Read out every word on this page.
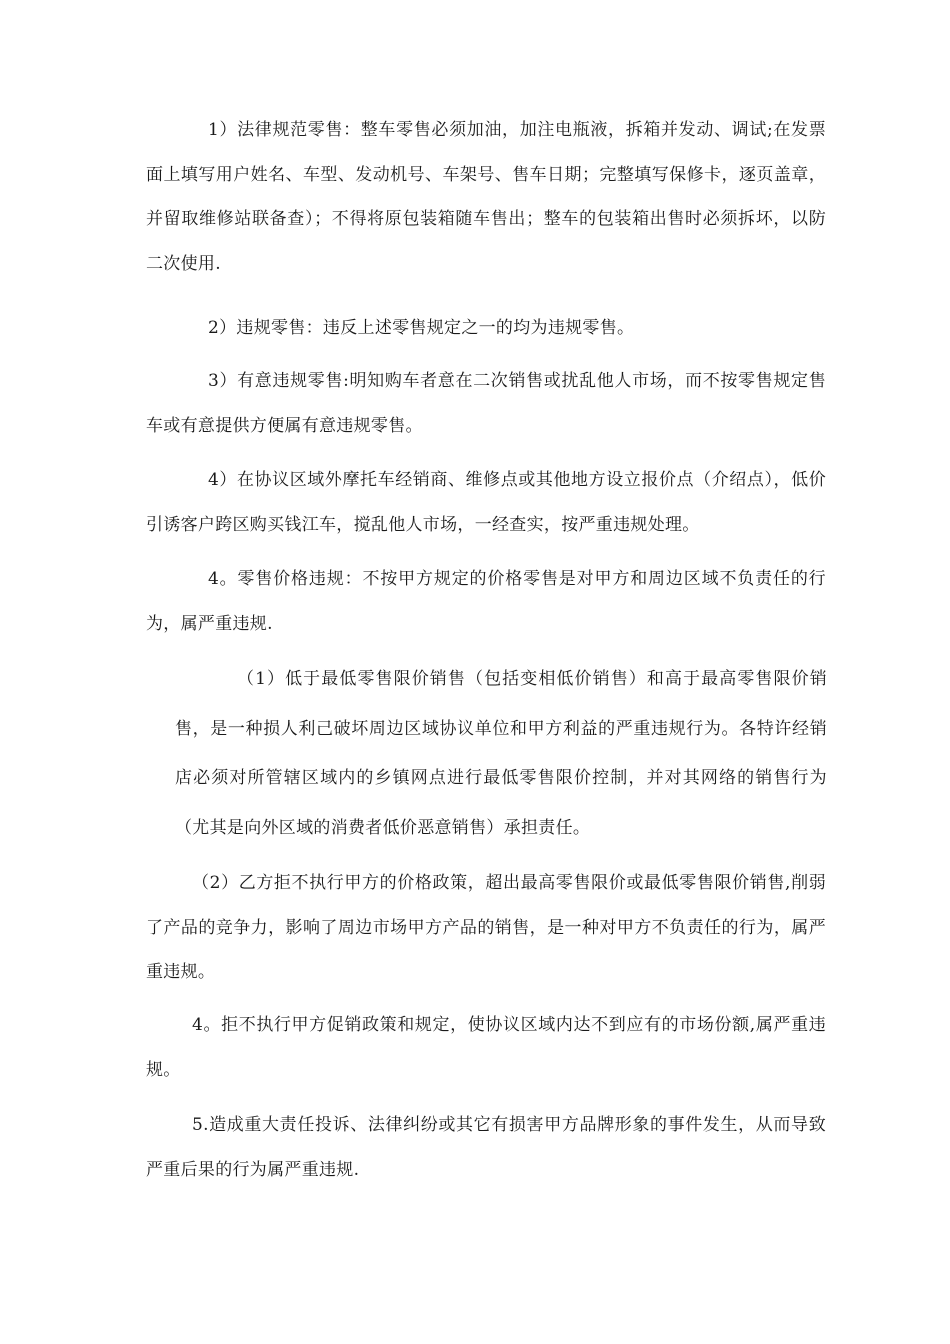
1）法律规范零售：整车零售必须加油，加注电瓶液，拆箱并发动、调试;在发票面上填写用户姓名、车型、发动机号、车架号、售车日期；完整填写保修卡，逐页盖章，并留取维修站联备查）；不得将原包装箱随车售出；整车的包装箱出售时必须拆坏，以防二次使用.

2）违规零售：违反上述零售规定之一的均为违规零售。

3）有意违规零售:明知购车者意在二次销售或扰乱他人市场，而不按零售规定售车或有意提供方便属有意违规零售。

4）在协议区域外摩托车经销商、维修点或其他地方设立报价点（介绍点），低价引诱客户跨区购买钱江车，搅乱他人市场，一经查实，按严重违规处理。

4。零售价格违规：不按甲方规定的价格零售是对甲方和周边区域不负责任的行为，属严重违规.

（1）低于最低零售限价销售（包括变相低价销售）和高于最高零售限价销售，是一种损人利己破坏周边区域协议单位和甲方利益的严重违规行为。各特许经销店必须对所管辖区域内的乡镇网点进行最低零售限价控制，并对其网络的销售行为（尤其是向外区域的消费者低价恶意销售）承担责任。

（2）乙方拒不执行甲方的价格政策，超出最高零售限价或最低零售限价销售,削弱了产品的竞争力，影响了周边市场甲方产品的销售，是一种对甲方不负责任的行为，属严重违规。

4。拒不执行甲方促销政策和规定，使协议区域内达不到应有的市场份额,属严重违规。

5.造成重大责任投诉、法律纠纷或其它有损害甲方品牌形象的事件发生，从而导致严重后果的行为属严重违规.
